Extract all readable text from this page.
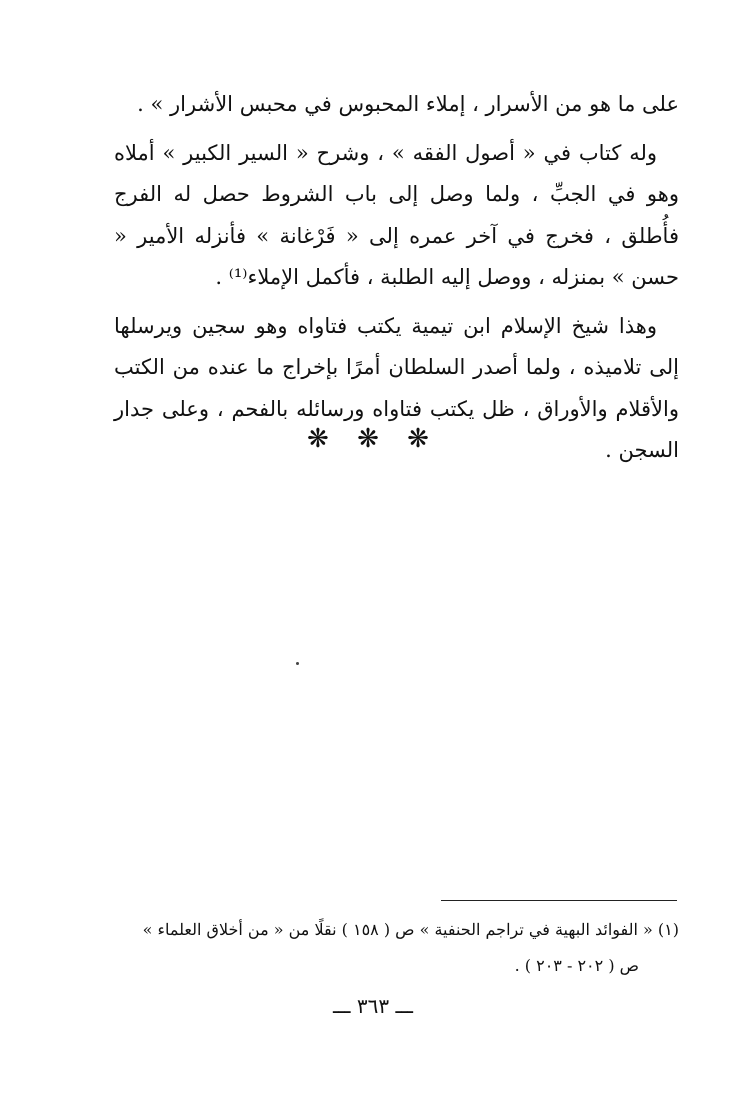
على ما هو من الأسرار ، إملاء المحبوس في محبس الأشرار » .

وله كتاب في « أصول الفقه » ، وشرح « السير الكبير » أملاه وهو في الجبِّ ، ولما وصل إلى باب الشروط حصل له الفرج فأُطلق ، فخرج في آخر عمره إلى « فَرْغانة » فأنزله الأمير « حسن » بمنزله ، ووصل إليه الطلبة ، فأكمل الإملاء⁽¹⁾ .

وهذا شيخ الإسلام ابن تيمية يكتب فتاواه وهو سجين ويرسلها إلى تلاميذه ، ولما أصدر السلطان أمرًا بإخراج ما عنده من الكتب والأقلام والأوراق ، ظل يكتب فتاواه ورسائله بالفحم ، وعلى جدار السجن .

❋ ❋ ❋
(١) « الفوائد البهية في تراجم الحنفية » ص ( ١٥٨ ) نقلًا من « من أخلاق العلماء »
ص ( ٢٠٢ - ٢٠٣ ) .
ـــ ٣٦٣ ـــ
